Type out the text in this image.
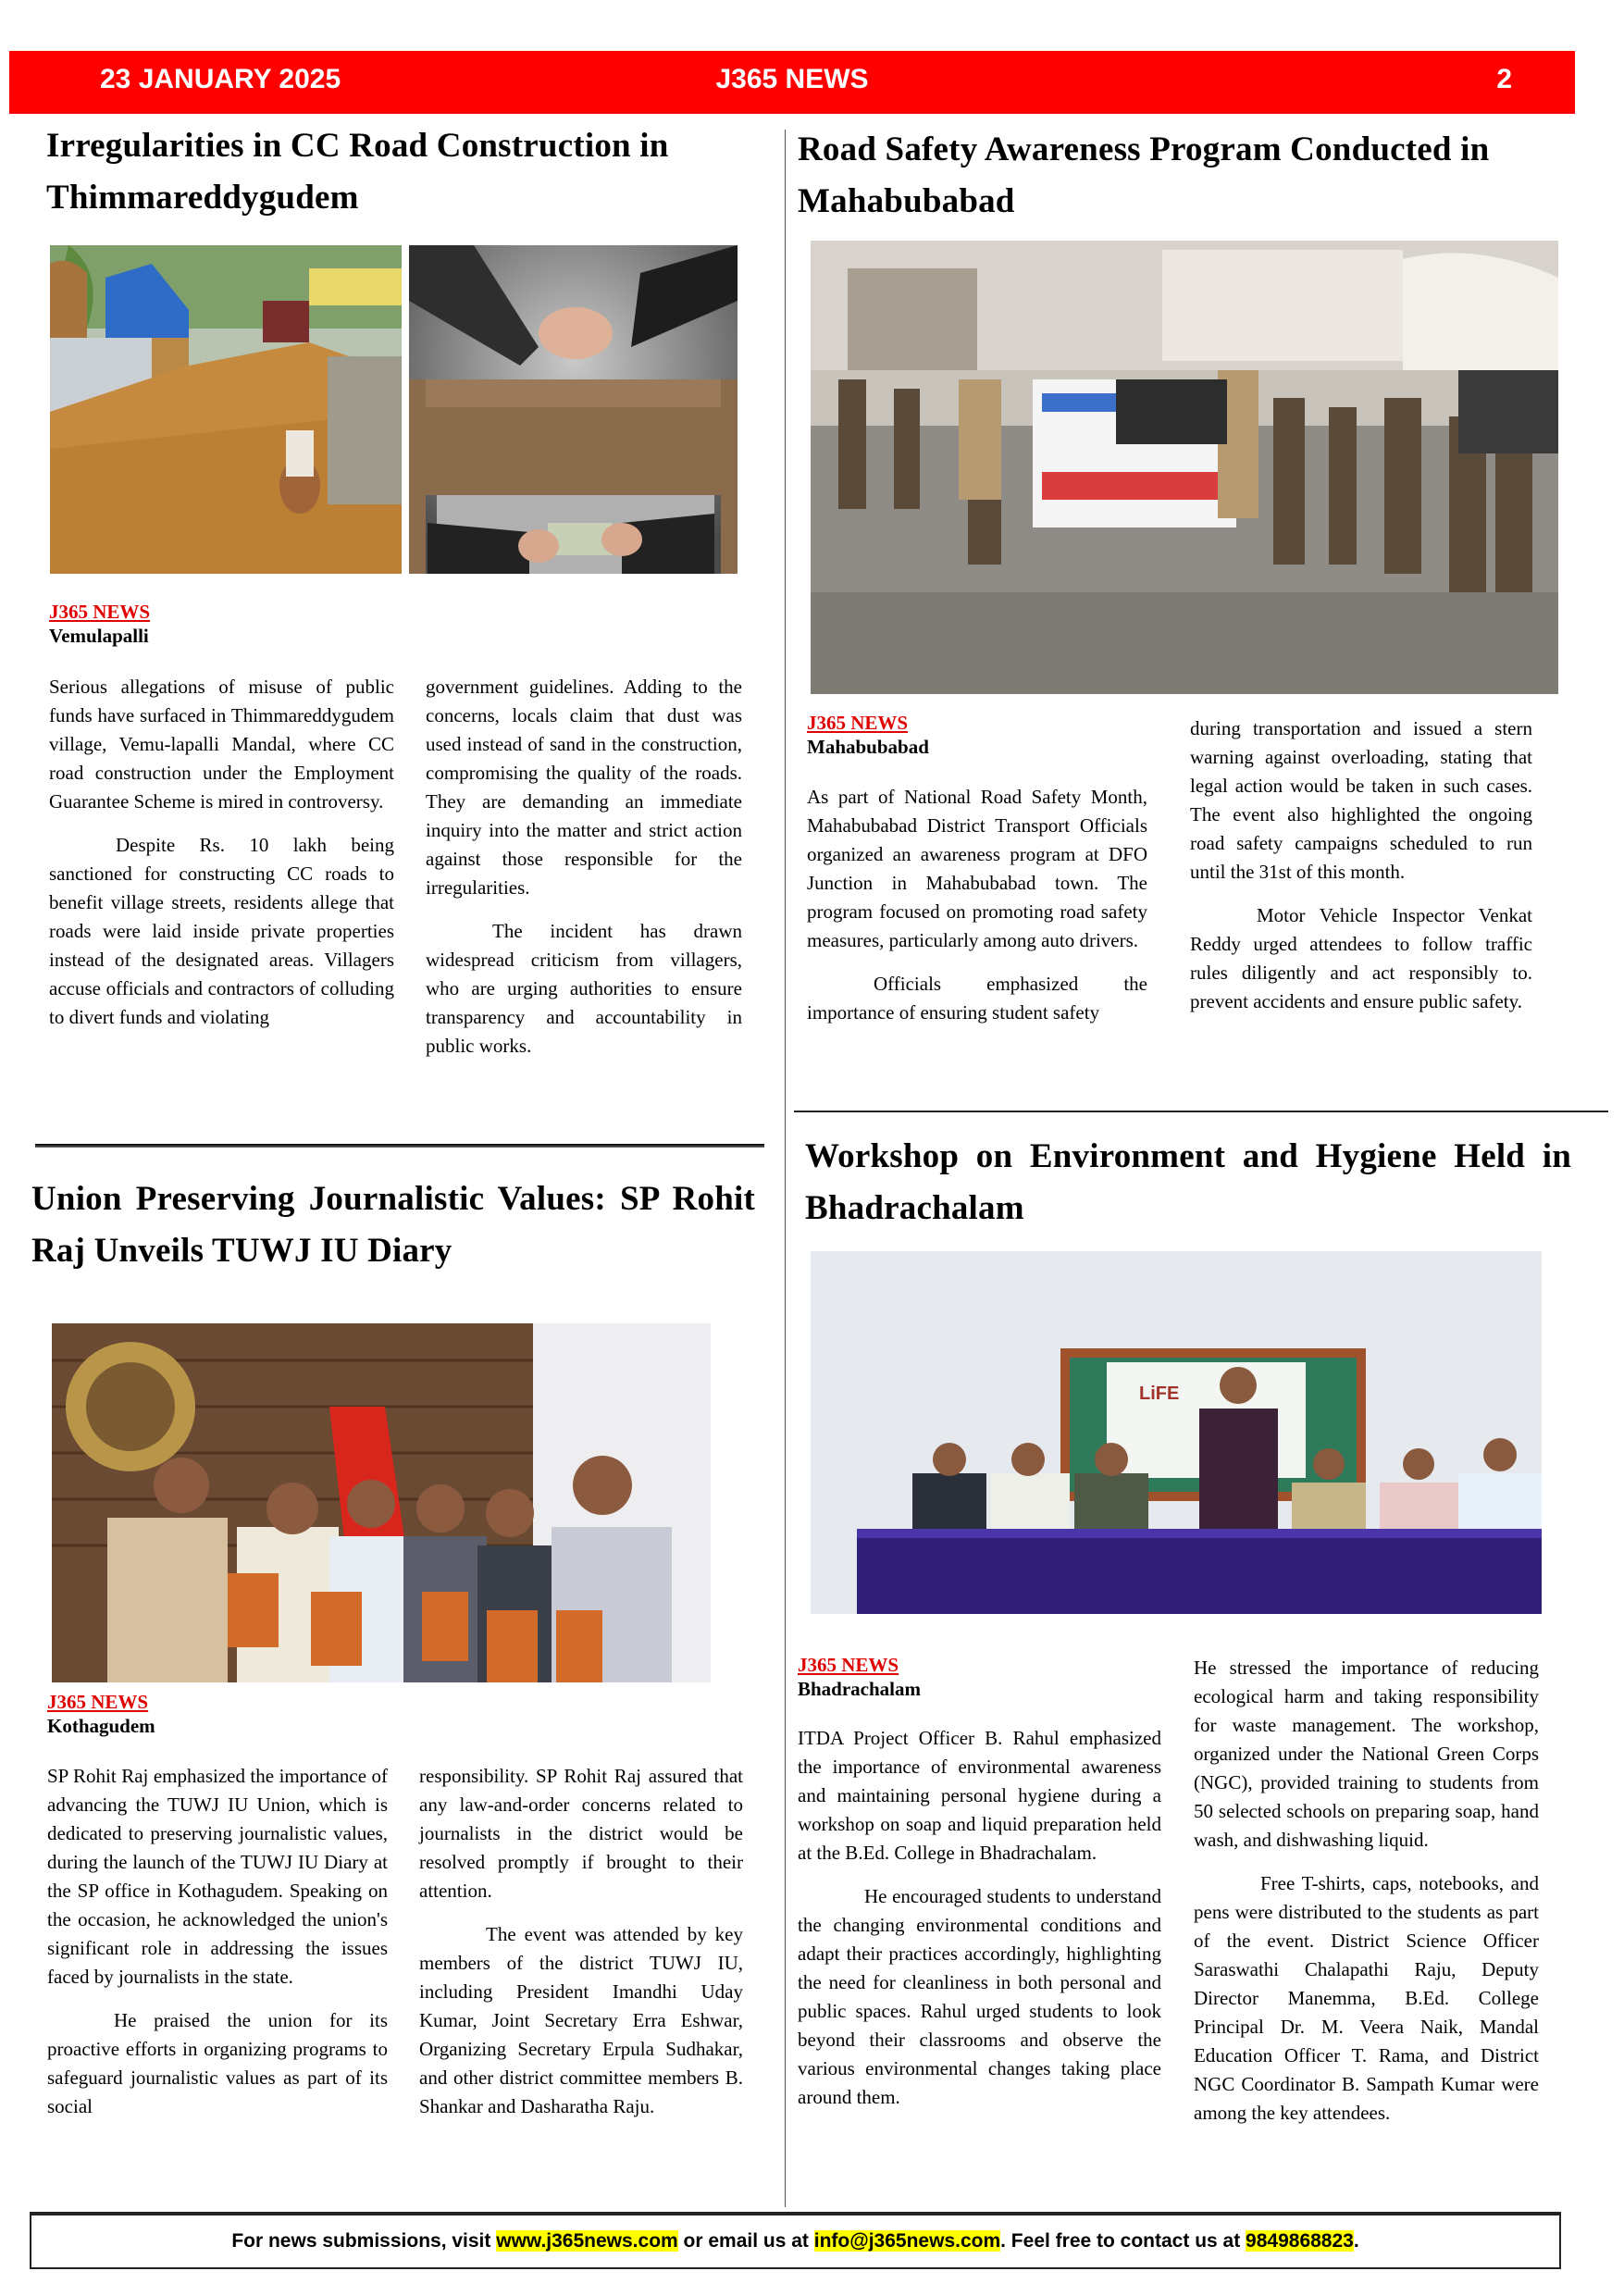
23 JANUARY 2025	J365 NEWS	2
Irregularities in CC Road Construction in Thimmareddygudem
J365 NEWS
Vemulapalli

Serious allegations of misuse of public funds have surfaced in Thimmareddygudem village, Vemu-lapalli Mandal, where CC road construction under the Employment Guarantee Scheme is mired in controversy.

Despite Rs. 10 lakh being sanctioned for constructing CC roads to benefit village streets, residents allege that roads were laid inside private properties instead of the designated areas. Villagers accuse officials and contractors of colluding to divert funds and violating

government guidelines. Adding to the concerns, locals claim that dust was used instead of sand in the construction, compromising the quality of the roads. They are demanding an immediate inquiry into the matter and strict action against those responsible for the irregularities.

The incident has drawn widespread criticism from villagers, who are urging authorities to ensure transparency and accountability in public works.

Road Safety Awareness Program Conducted in Mahabubabad
J365 NEWS
Mahabubabad

As part of National Road Safety Month, Mahabubabad District Transport Officials organized an awareness program at DFO Junction in Mahabubabad town. The program focused on promoting road safety measures, particularly among auto drivers.

Officials emphasized the importance of ensuring student safety

during transportation and issued a stern warning against overloading, stating that legal action would be taken in such cases. The event also highlighted the ongoing road safety campaigns scheduled to run until the 31st of this month.

Motor Vehicle Inspector Venkat Reddy urged attendees to follow traffic rules diligently and act responsibly to. prevent accidents and ensure public safety.

Union Preserving Journalistic Values: SP Rohit Raj Unveils TUWJ IU Diary
J365 NEWS
Kothagudem

SP Rohit Raj emphasized the importance of advancing the TUWJ IU Union, which is dedicated to preserving journalistic values, during the launch of the TUWJ IU Diary at the SP office in Kothagudem. Speaking on the occasion, he acknowledged the union's significant role in addressing the issues faced by journalists in the state.

He praised the union for its proactive efforts in organizing programs to safeguard journalistic values as part of its social

responsibility. SP Rohit Raj assured that any law-and-order concerns related to journalists in the district would be resolved promptly if brought to their attention.

The event was attended by key members of the district TUWJ IU, including President Imandhi Uday Kumar, Joint Secretary Erra Eshwar, Organizing Secretary Erpula Sudhakar, and other district committee members B. Shankar and Dasharatha Raju.

Workshop on Environment and Hygiene Held in Bhadrachalam
LiFE
J365 NEWS
Bhadrachalam

ITDA Project Officer B. Rahul emphasized the importance of environmental awareness and maintaining personal hygiene during a workshop on soap and liquid preparation held at the B.Ed. College in Bhadrachalam.

He encouraged students to understand the changing environmental conditions and adapt their practices accordingly, highlighting the need for cleanliness in both personal and public spaces. Rahul urged students to look beyond their classrooms and observe the various environmental changes taking place around them.

He stressed the importance of reducing ecological harm and taking responsibility for waste management. The workshop, organized under the National Green Corps (NGC), provided training to students from 50 selected schools on preparing soap, hand wash, and dishwashing liquid.

Free T-shirts, caps, notebooks, and pens were distributed to the students as part of the event. District Science Officer Saraswathi Chalapathi Raju, Deputy Director Manemma, B.Ed. College Principal Dr. M. Veera Naik, Mandal Education Officer T. Rama, and District NGC Coordinator B. Sampath Kumar were among the key attendees.

For news submissions, visit www.j365news.com or email us at info@j365news.com. Feel free to contact us at 9849868823.
